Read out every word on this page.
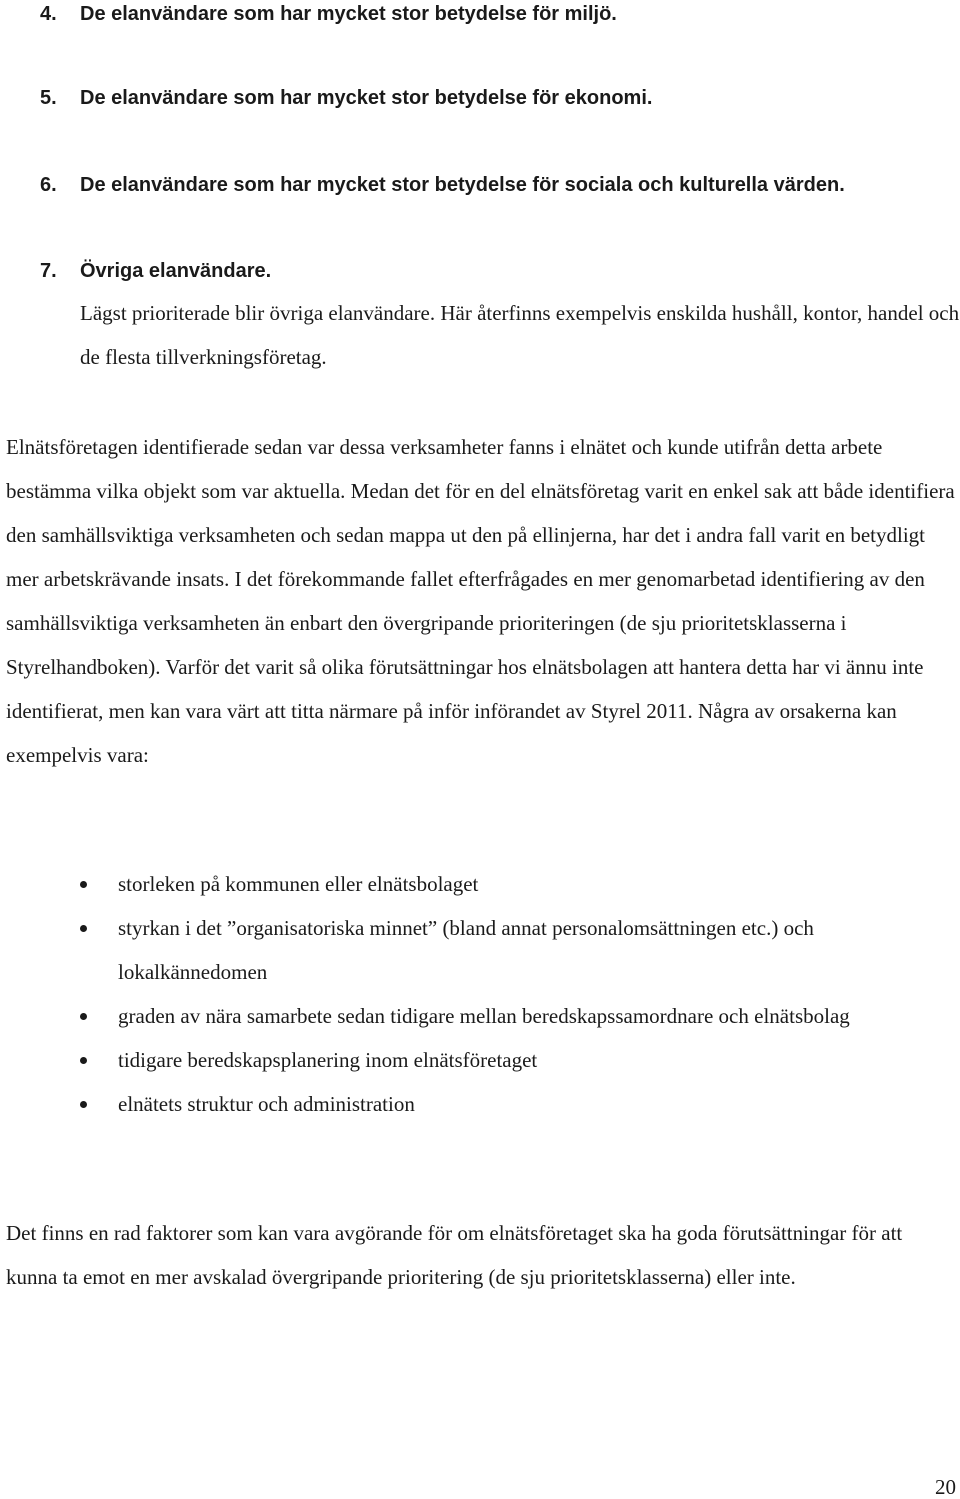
4. De elanvändare som har mycket stor betydelse för miljö.
5. De elanvändare som har mycket stor betydelse för ekonomi.
6. De elanvändare som har mycket stor betydelse för sociala och kulturella värden.
7. Övriga elanvändare.
Lägst prioriterade blir övriga elanvändare. Här återfinns exempelvis enskilda hushåll, kontor, handel och de flesta tillverkningsföretag.
Elnätsföretagen identifierade sedan var dessa verksamheter fanns i elnätet och kunde utifrån detta arbete bestämma vilka objekt som var aktuella. Medan det för en del elnätsföretag varit en enkel sak att både identifiera den samhällsviktiga verksamheten och sedan mappa ut den på ellinjerna, har det i andra fall varit en betydligt mer arbetskrävande insats. I det förekommande fallet efterfrågades en mer genomarbetad identifiering av den samhällsviktiga verksamheten än enbart den övergripande prioriteringen (de sju prioritetsklasserna i Styrelhandboken). Varför det varit så olika förutsättningar hos elnätsbolagen att hantera detta har vi ännu inte identifierat, men kan vara värt att titta närmare på inför införandet av Styrel 2011. Några av orsakerna kan exempelvis vara:
storleken på kommunen eller elnätsbolaget
styrkan i det ”organisatoriska minnet” (bland annat personalomsättningen etc.) och lokalkännedomen
graden av nära samarbete sedan tidigare mellan beredskapssamordnare och elnätsbolag
tidigare beredskapsplanering inom elnätsföretaget
elnätets struktur och administration
Det finns en rad faktorer som kan vara avgörande för om elnätsföretaget ska ha goda förutsättningar för att kunna ta emot en mer avskalad övergripande prioritering (de sju prioritetsklasserna) eller inte.
20
